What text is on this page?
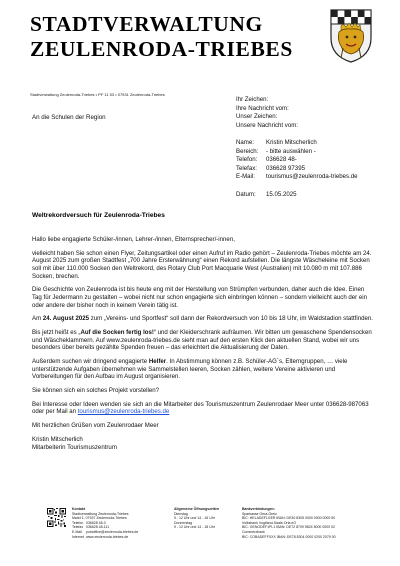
STADTVERWALTUNG
ZEULENRODA-TRIEBES
Stadtverwaltung Zeulenroda-Triebes • PF 11 53 • 07931 Zeulenroda-Triebes
An die Schulen der Region
Ihr Zeichen:
Ihre Nachricht vom:
Unser Zeichen:
Unsere Nachricht vom:
Name:	Kristin Mitscherlich
Bereich:	- bitte auswählen -
Telefon:	036628 48-
Telefax:	036628 97395
E-Mail:	tourismus@zeulenroda-triebes.de
Datum:	15.05.2025
Weltrekordversuch für Zeulenroda-Triebes

Hallo liebe engagierte Schüler-/innen, Lehrer-/innen, Elternsprecher/-innen,

vielleicht haben Sie schon einen Flyer, Zeitungsartikel oder einen Aufruf im Radio gehört – Zeulenroda-Triebes möchte am 24. August 2025 zum großen Stadtfest „700 Jahre Ersterwähnung“ einen Rekord aufstellen. Die längste Wäscheleine mit Socken soll mit über 110.000 Socken den Weltrekord, des Rotary Club Port Macquarie West (Australien) mit 10.080 m mit 107.886 Socken, brechen.

Die Geschichte von Zeulenroda ist bis heute eng mit der Herstellung von Strümpfen verbunden, daher auch die Idee. Einen Tag für Jedermann zu gestalten – wobei nicht nur schon engagierte sich einbringen können – sondern vielleicht auch der ein oder andere der bisher noch in keinem Verein tätig ist.

Am 24. August 2025 zum „Vereins- und Sportfest“ soll dann der Rekordversuch von 10 bis 18 Uhr, im Waldstadion stattfinden.

Bis jetzt heißt es „Auf die Socken fertig los!“ und der Kleiderschrank aufräumen. Wir bitten um gewaschene Spendensocken und Wäscheklammern. Auf www.zeulenroda-triebes.de sieht man auf den ersten Klick den aktuellen Stand, wobei wir uns besonders über bereits gezählte Spenden freuen – das erleichtert die Aktualisierung der Daten.

Außerdem suchen wir dringend engagierte Helfer. In Abstimmung können z.B. Schüler-AG`s, Elterngruppen, … viele unterstützende Aufgaben übernehmen wie Sammelstellen leeren, Socken zählen, weitere Vereine aktivieren und Vorbereitungen für den Aufbau im August organisieren.

Sie können sich ein solches Projekt vorstellen?

Bei Interesse oder Ideen wenden sie sich an die Mitarbeiter des Tourismuszentrum Zeulenrodaer Meer unter 036628-987063 oder per Mail an tourismus@zeulenroda-triebes.de

Mit herzlichen Grüßen vom Zeulenrodaer Meer

Kristin Mitscherlich

Mitarbeiterin Tourismuszentrum

Kontakt
Stadtverwaltung Zeulenroda-Triebes
Markt 1, 07937 Zeulenroda-Triebes
Telefon 036628 48-0
Telefax 036628 48-111
E-Mail	postoffice@zeulenroda-triebes.de
Internet www.zeulenroda-triebes.de
Allgemeine Öffnungszeiten
Dienstag
9 - 12 Uhr und 14 - 16 Uhr
Donnerstag
9 - 12 Uhr und 14 - 18 Uhr
Bankverbindungen:
Sparkasse Gera-Greiz
BIC: HELADEF1GER IBAN: DE30 8305 0000 0000 0000 50
Volksbank Vogtland-Saale-Orla eG
BIC: GENODEF1PL1 IBAN: DE72 8709 5824 5000 0000 02
Commerzbank
BIC: COBADEFFXXX IBAN: DE78 8304 0000 0200 2079 00
